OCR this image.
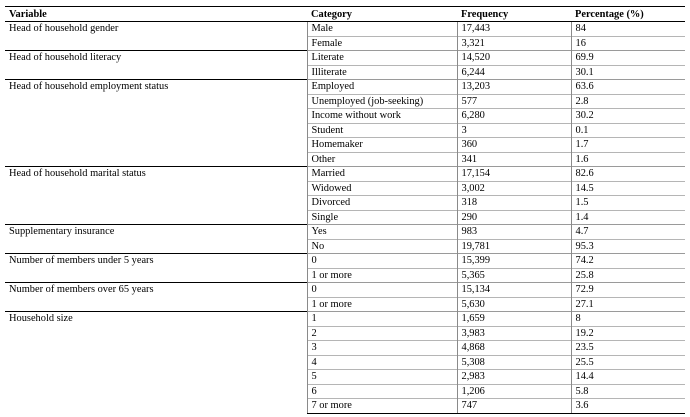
Variable	Category	Frequency	Percentage (%)
Head of household gender	Male	17,443	84
	Female	3,321	16
Head of household literacy	Literate	14,520	69.9
	Illiterate	6,244	30.1
Head of household employment status	Employed	13,203	63.6
	Unemployed (job-seeking)	577	2.8
	Income without work	6,280	30.2
	Student	3	0.1
	Homemaker	360	1.7
	Other	341	1.6
Head of household marital status	Married	17,154	82.6
	Widowed	3,002	14.5
	Divorced	318	1.5
	Single	290	1.4
Supplementary insurance	Yes	983	4.7
	No	19,781	95.3
Number of members under 5 years	0	15,399	74.2
	1 or more	5,365	25.8
Number of members over 65 years	0	15,134	72.9
	1 or more	5,630	27.1
Household size	1	1,659	8
	2	3,983	19.2
	3	4,868	23.5
	4	5,308	25.5
	5	2,983	14.4
	6	1,206	5.8
	7 or more	747	3.6
